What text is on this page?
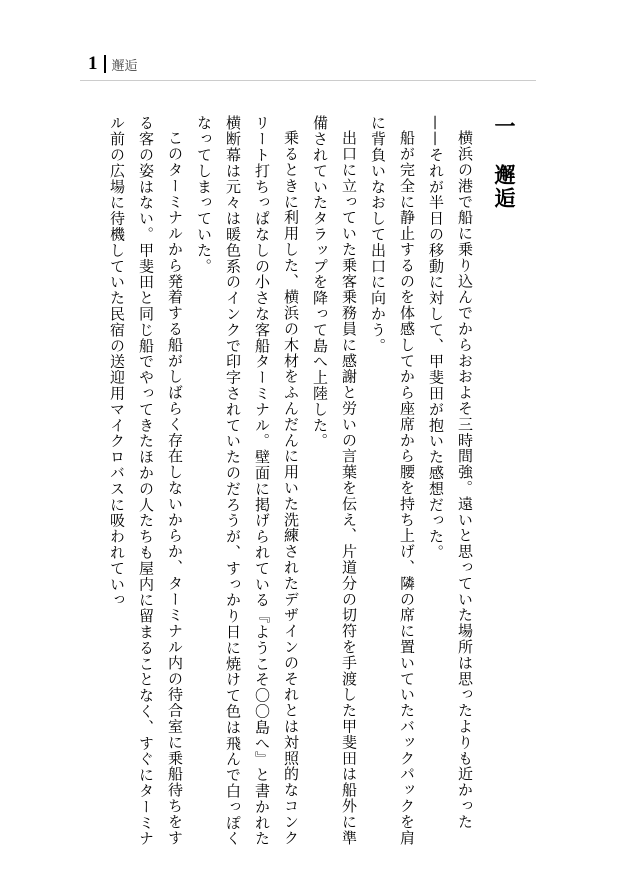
1 邂逅
一邂逅

横浜の港で船に乗り込んでからおおよそ三時間強。遠いと思っていた場所は思ったよりも近かった——それが半日の移動に対して、甲斐田が抱いた感想だった。

船が完全に静止するのを体感してから座席から腰を持ち上げ、隣の席に置いていたバックパックを肩に背負いなおして出口に向かう。

出口に立っていた乗客乗務員に感謝と労いの言葉を伝え、片道分の切符を手渡した甲斐田は船外に準備されていたタラップを降って島へ上陸した。

乗るときに利用した、横浜の木材をふんだんに用いた洗練されたデザインのそれとは対照的なコンクリート打ちっぱなしの小さな客船ターミナル。壁面に掲げられている『ようこそ〇〇島へ』と書かれた横断幕は元々は暖色系のインクで印字されていたのだろうが、すっかり日に焼けて色は飛んで白っぽくなってしまっていた。

このターミナルから発着する船がしばらく存在しないからか、ターミナル内の待合室に乗船待ちをする客の姿はない。甲斐田と同じ船でやってきたほかの人たちも屋内に留まることなく、すぐにターミナル前の広場に待機していた民宿の送迎用マイクロバスに吸われていっ
